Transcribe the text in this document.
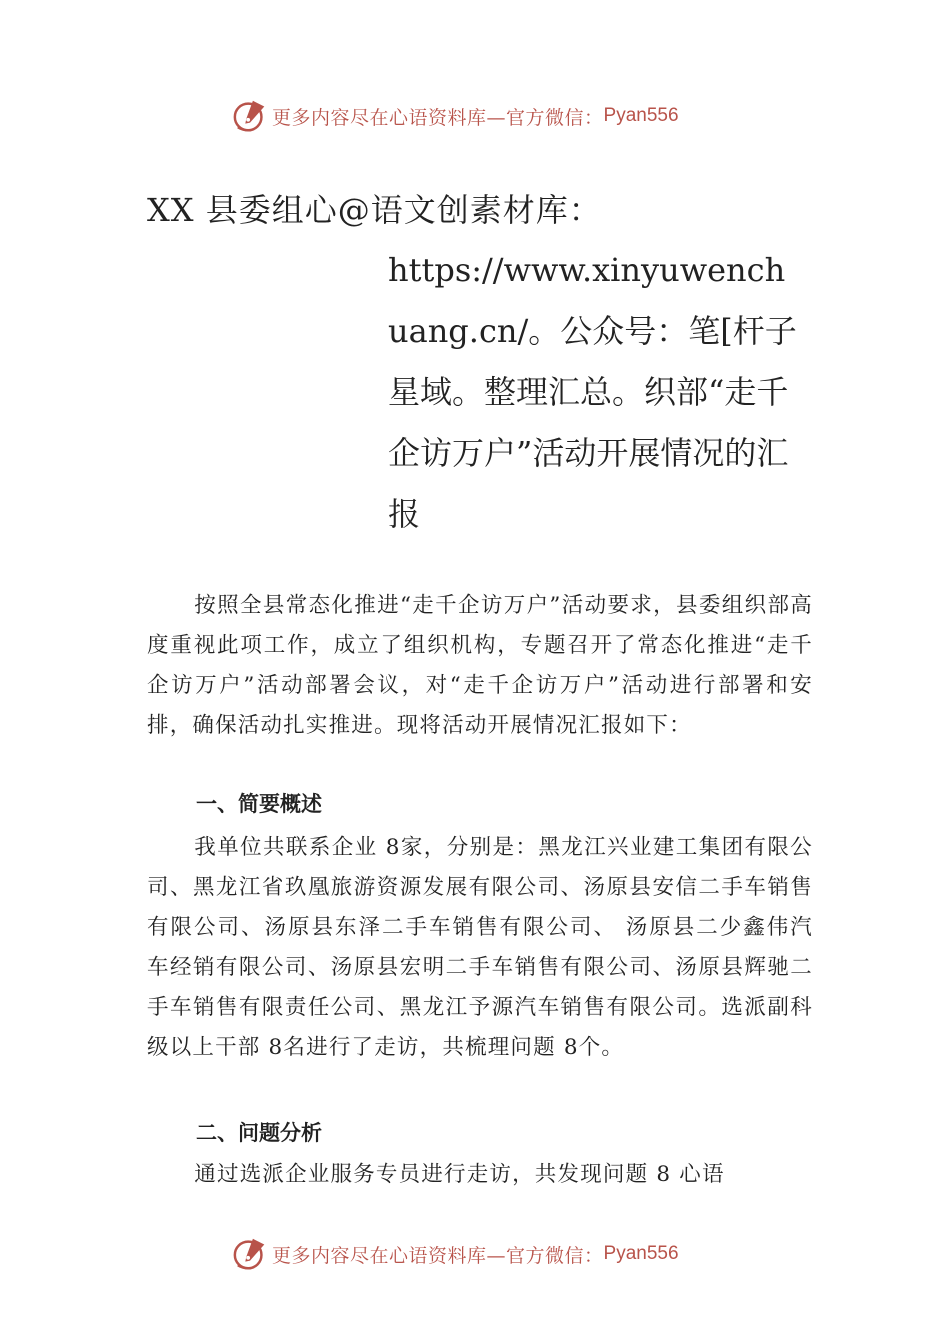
更多内容尽在心语资料库—官方微信： Pyan556
XX 县委组心@语文创素材库：
https://www.xinyuwenchuang.cn/。公众号：笔[杆子星域。整理汇总。织部“走千企访万户”活动开展情况的汇报

按照全县常态化推进“走千企访万户”活动要求，县委组织部高度重视此项工作，成立了组织机构，专题召开了常态化推进“走千企访万户”活动部署会议，对“走千企访万户”活动进行部署和安排，确保活动扎实推进。现将活动开展情况汇报如下：

一、简要概述

我单位共联系企业 8家，分别是：黑龙江兴业建工集团有限公司、黑龙江省玖凰旅游资源发展有限公司、汤原县安信二手车销售有限公司、汤原县东泽二手车销售有限公司、 汤原县二少鑫伟汽车经销有限公司、汤原县宏明二手车销售有限公司、汤原县辉驰二手车销售有限责任公司、黑龙江予源汽车销售有限公司。选派副科级以上干部 8名进行了走访，共梳理问题 8个。

二、问题分析

通过选派企业服务专员进行走访，共发现问题 8 心语

更多内容尽在心语资料库—官方微信： Pyan556
